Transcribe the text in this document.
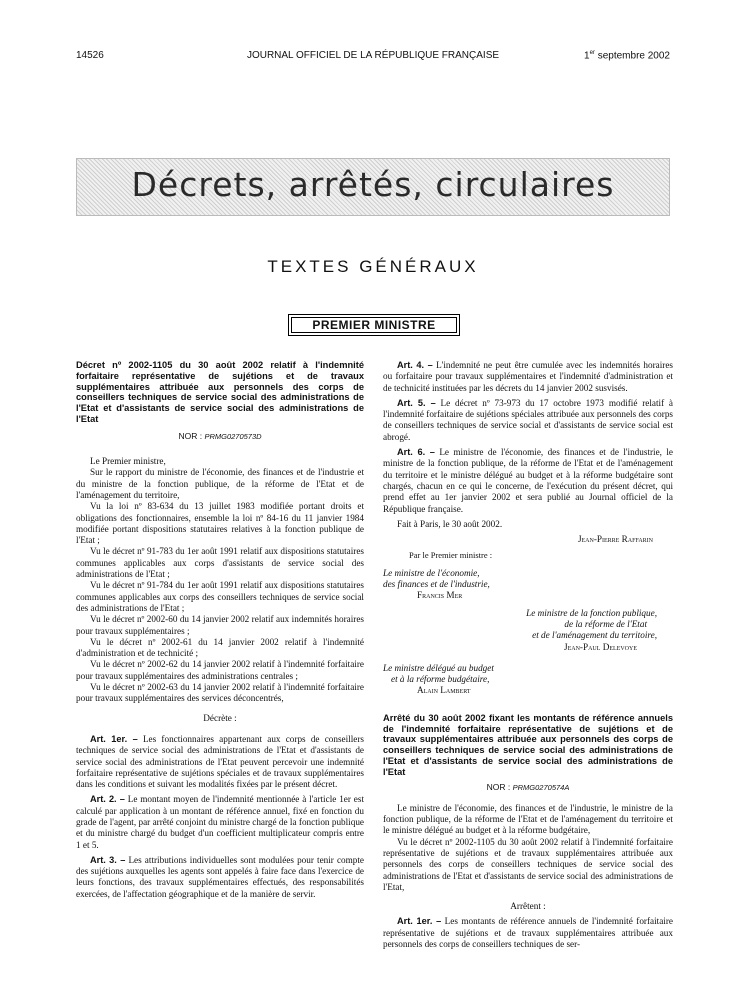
14526	JOURNAL OFFICIEL DE LA RÉPUBLIQUE FRANÇAISE	1er septembre 2002
Décrets, arrêtés, circulaires
TEXTES GÉNÉRAUX
PREMIER MINISTRE
Décret nº 2002-1105 du 30 août 2002 relatif à l'indemnité forfaitaire représentative de sujétions et de travaux supplémentaires attribuée aux personnels des corps de conseillers techniques de service social des administrations de l'Etat et d'assistants de service social des administrations de l'Etat
NOR : PRMG0270573D

Le Premier ministre,

Sur le rapport du ministre de l'économie, des finances et de l'industrie et du ministre de la fonction publique, de la réforme de l'Etat et de l'aménagement du territoire,

Vu la loi nº 83-634 du 13 juillet 1983 modifiée portant droits et obligations des fonctionnaires, ensemble la loi nº 84-16 du 11 janvier 1984 modifiée portant dispositions statutaires relatives à la fonction publique de l'Etat ;

Vu le décret nº 91-783 du 1er août 1991 relatif aux dispositions statutaires communes applicables aux corps d'assistants de service social des administrations de l'Etat ;

Vu le décret nº 91-784 du 1er août 1991 relatif aux dispositions statutaires communes applicables aux corps des conseillers techniques de service social des administrations de l'Etat ;

Vu le décret nº 2002-60 du 14 janvier 2002 relatif aux indemnités horaires pour travaux supplémentaires ;

Vu le décret nº 2002-61 du 14 janvier 2002 relatif à l'indemnité d'administration et de technicité ;

Vu le décret nº 2002-62 du 14 janvier 2002 relatif à l'indemnité forfaitaire pour travaux supplémentaires des administrations centrales ;

Vu le décret nº 2002-63 du 14 janvier 2002 relatif à l'indemnité forfaitaire pour travaux supplémentaires des services déconcentrés,

Décrète :

Art. 1er. – Les fonctionnaires appartenant aux corps de conseillers techniques de service social des administrations de l'Etat et d'assistants de service social des administrations de l'Etat peuvent percevoir une indemnité forfaitaire représentative de sujétions spéciales et de travaux supplémentaires dans les conditions et suivant les modalités fixées par le présent décret.

Art. 2. – Le montant moyen de l'indemnité mentionnée à l'article 1er est calculé par application à un montant de référence annuel, fixé en fonction du grade de l'agent, par arrêté conjoint du ministre chargé de la fonction publique et du ministre chargé du budget d'un coefficient multiplicateur compris entre 1 et 5.

Art. 3. – Les attributions individuelles sont modulées pour tenir compte des sujétions auxquelles les agents sont appelés à faire face dans l'exercice de leurs fonctions, des travaux supplémentaires effectués, des responsabilités exercées, de l'affectation géographique et de la manière de servir.

Art. 4. – L'indemnité ne peut être cumulée avec les indemnités horaires ou forfaitaire pour travaux supplémentaires et l'indemnité d'administration et de technicité instituées par les décrets du 14 janvier 2002 susvisés.

Art. 5. – Le décret nº 73-973 du 17 octobre 1973 modifié relatif à l'indemnité forfaitaire de sujétions spéciales attribuée aux personnels des corps de conseillers techniques de service social et d'assistants de service social est abrogé.

Art. 6. – Le ministre de l'économie, des finances et de l'industrie, le ministre de la fonction publique, de la réforme de l'Etat et de l'aménagement du territoire et le ministre délégué au budget et à la réforme budgétaire sont chargés, chacun en ce qui le concerne, de l'exécution du présent décret, qui prend effet au 1er janvier 2002 et sera publié au Journal officiel de la République française.

Fait à Paris, le 30 août 2002.

Jean-Pierre Raffarin

Par le Premier ministre :

Le ministre de l'économie,

des finances et de l'industrie,

Francis Mer

Le ministre de la fonction publique,

de la réforme de l'Etat

et de l'aménagement du territoire,

Jean-Paul Delevoye

Le ministre délégué au budget

et à la réforme budgétaire,

Alain Lambert

Arrêté du 30 août 2002 fixant les montants de référence annuels de l'indemnité forfaitaire représentative de sujétions et de travaux supplémentaires attribuée aux personnels des corps de conseillers techniques de service social des administrations de l'Etat et d'assistants de service social des administrations de l'Etat
NOR : PRMG0270574A

Le ministre de l'économie, des finances et de l'industrie, le ministre de la fonction publique, de la réforme de l'Etat et de l'aménagement du territoire et le ministre délégué au budget et à la réforme budgétaire,

Vu le décret nº 2002-1105 du 30 août 2002 relatif à l'indemnité forfaitaire représentative de sujétions et de travaux supplémentaires attribuée aux personnels des corps de conseillers techniques de service social des administrations de l'Etat et d'assistants de service social des administrations de l'Etat,

Arrêtent :

Art. 1er. – Les montants de référence annuels de l'indemnité forfaitaire représentative de sujétions et de travaux supplémentaires attribuée aux personnels des corps de conseillers techniques de ser-
